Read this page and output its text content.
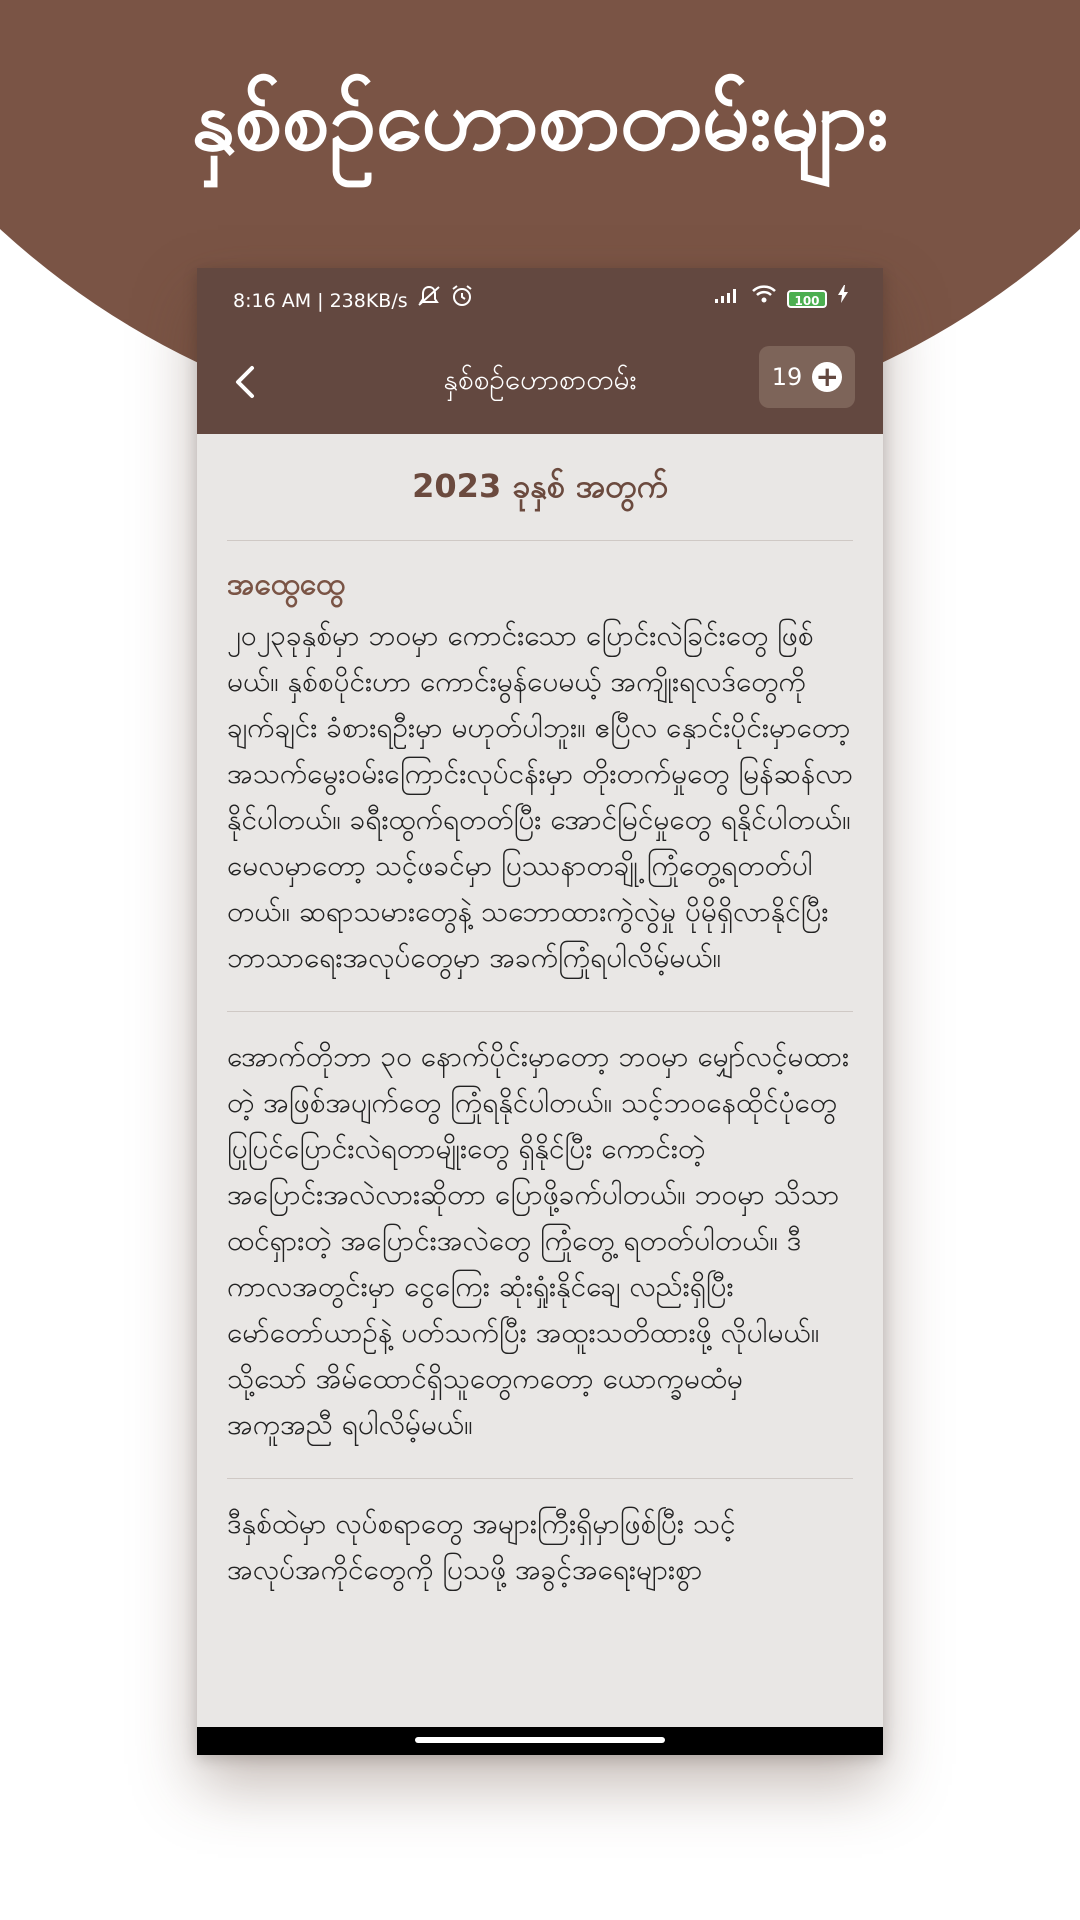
နှစ်စဉ်ဟောစာတမ်းများ
8:16 AM | 238KB/s	100
နှစ်စဉ်ဟောစာတမ်း	19 +
2023 ခုနှစ် အတွက်
အထွေထွေ

၂၀၂၃ခုနှစ်မှာ ဘဝမှာ ကောင်းသော ပြောင်းလဲခြင်းတွေ ဖြစ်မယ်။ နှစ်စပိုင်းဟာ ကောင်းမွန်ပေမယ့် အကျိုးရလဒ်တွေကို ချက်ချင်း ခံစားရဦးမှာ မဟုတ်ပါဘူး။ ဧပြီလ နှောင်းပိုင်းမှာတော့ အသက်မွေးဝမ်းကြောင်းလုပ်ငန်းမှာ တိုးတက်မှုတွေ မြန်ဆန်လာနိုင်ပါတယ်။ ခရီးထွက်ရတတ်ပြီး အောင်မြင်မှုတွေ ရနိုင်ပါတယ်။ မေလမှာတော့ သင့်ဖခင်မှာ ပြဿနာတချို့ ကြုံတွေ့ရတတ်ပါတယ်။ ဆရာသမားတွေနဲ့ သဘောထားကွဲလွဲမှု ပိုမိုရှိလာနိုင်ပြီး ဘာသာရေးအလုပ်တွေမှာ အခက်ကြုံရပါလိမ့်မယ်။

အောက်တိုဘာ ၃၀ နောက်ပိုင်းမှာတော့ ဘဝမှာ မျှော်လင့်မထားတဲ့ အဖြစ်အပျက်တွေ ကြုံရနိုင်ပါတယ်။ သင့်ဘဝနေထိုင်ပုံတွေ ပြုပြင်ပြောင်းလဲရတာမျိုးတွေ ရှိနိုင်ပြီး ကောင်းတဲ့အပြောင်းအလဲလားဆိုတာ ပြောဖို့ခက်ပါတယ်။ ဘဝမှာ သိသာထင်ရှားတဲ့ အပြောင်းအလဲတွေ ကြုံတွေ့ ရတတ်ပါတယ်။ ဒီကာလအတွင်းမှာ ငွေကြေး ဆုံးရှုံးနိုင်ချေ လည်းရှိပြီး မော်တော်ယာဉ်နဲ့ ပတ်သက်ပြီး အထူးသတိထားဖို့ လိုပါမယ်။ သို့သော် အိမ်ထောင်ရှိသူတွေကတော့ ယောက္ခမထံမှ အကူအညီ ရပါလိမ့်မယ်။

ဒီနှစ်ထဲမှာ လုပ်စရာတွေ အများကြီးရှိမှာဖြစ်ပြီး သင့်အလုပ်အကိုင်တွေကို ပြသဖို့ အခွင့်အရေးများစွာ
